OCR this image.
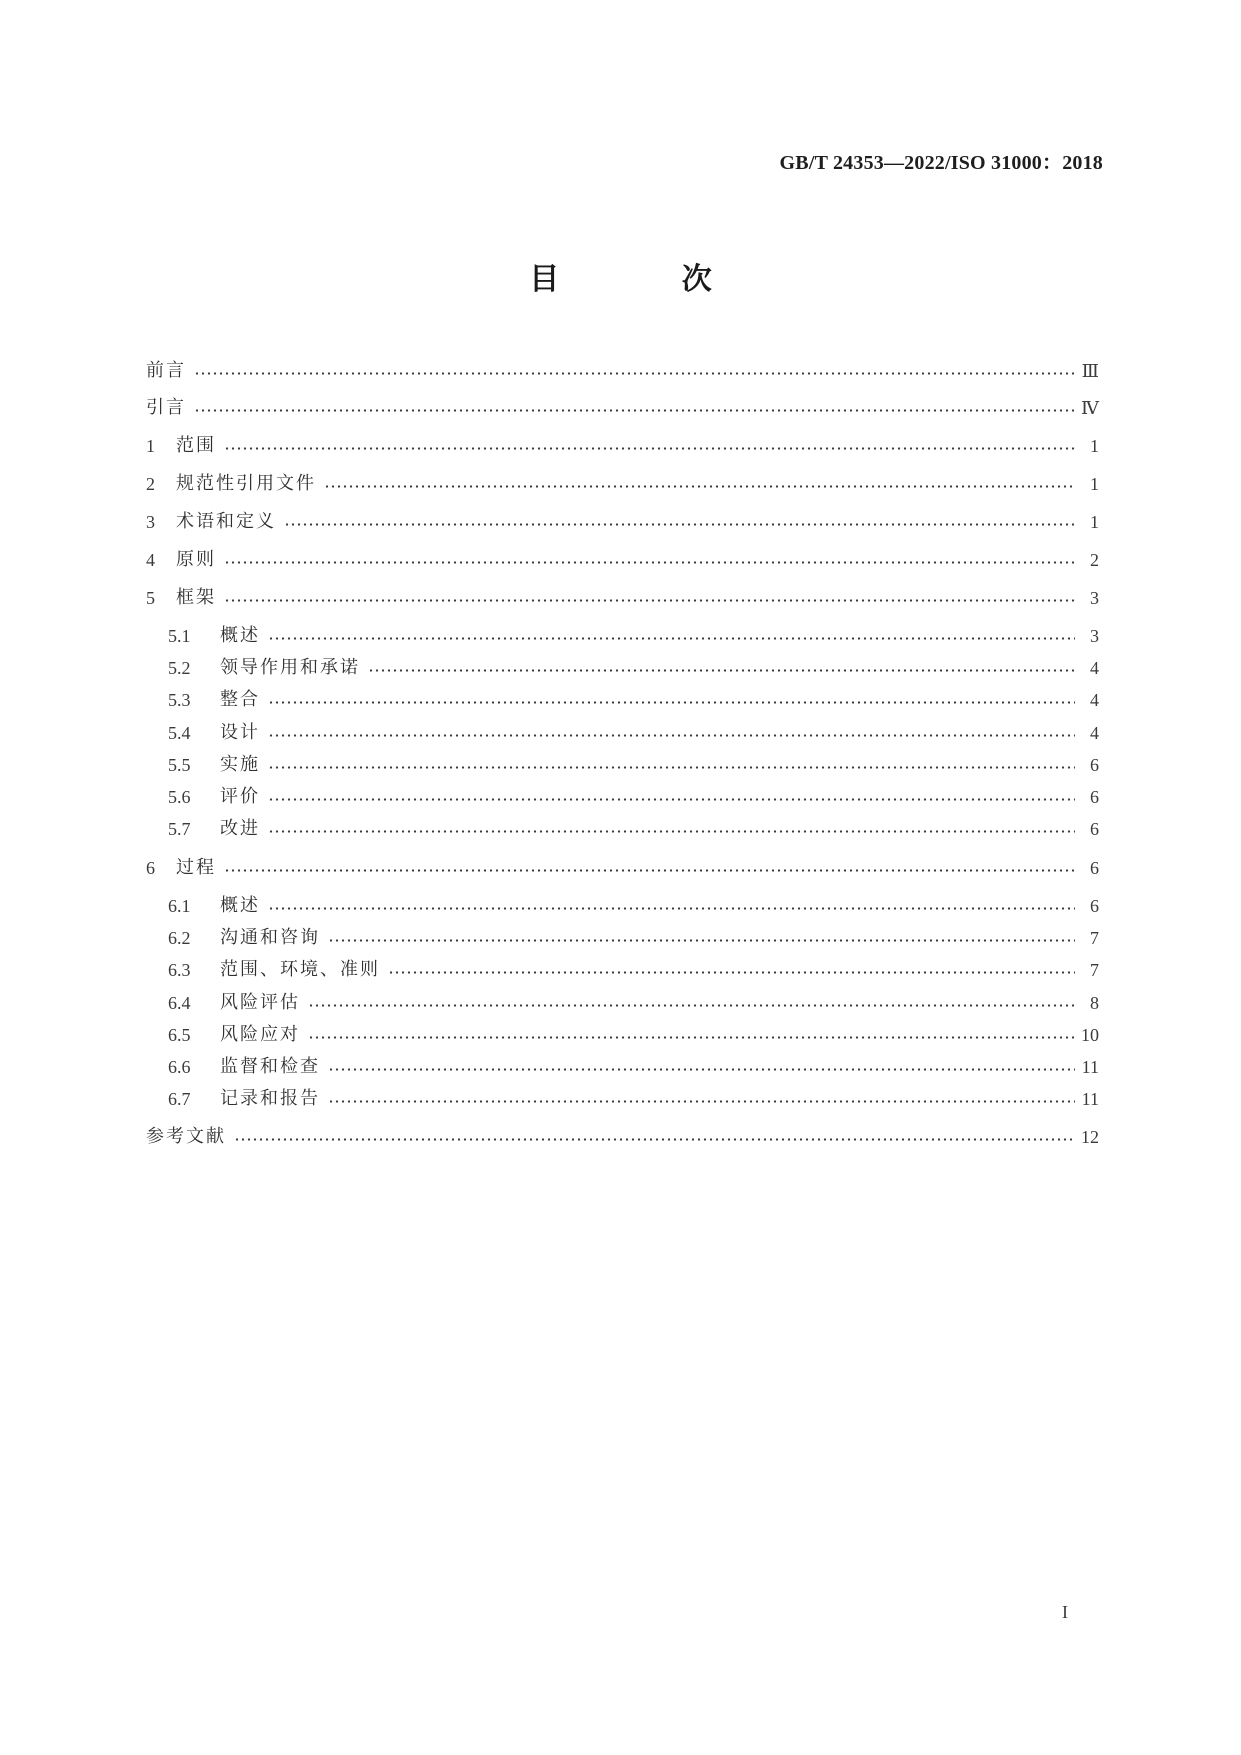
GB/T 24353—2022/ISO 31000：2018
目 次
前言	Ⅲ
引言	Ⅳ
1	范围	1
2	规范性引用文件	1
3	术语和定义	1
4	原则	2
5	框架	3
5.1	概述	3
5.2	领导作用和承诺	4
5.3	整合	4
5.4	设计	4
5.5	实施	6
5.6	评价	6
5.7	改进	6
6	过程	6
6.1	概述	6
6.2	沟通和咨询	7
6.3	范围、环境、准则	7
6.4	风险评估	8
6.5	风险应对	10
6.6	监督和检查	11
6.7	记录和报告	11
参考文献	12
I
